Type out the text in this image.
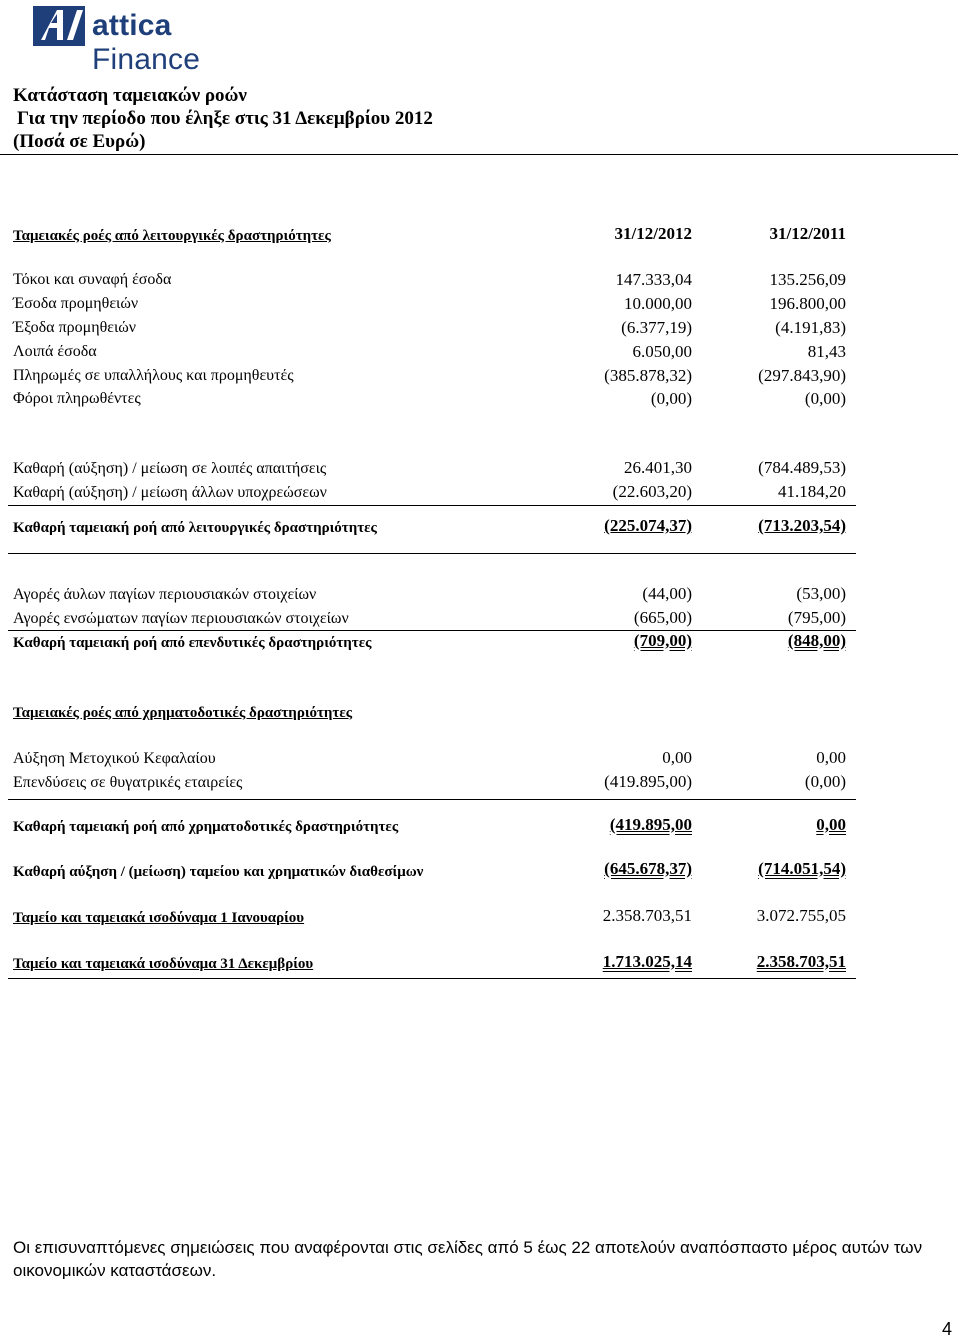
attica Finance
Κατάσταση ταμειακών ροών
Για την περίοδο που έληξε στις 31 Δεκεμβρίου 2012
(Ποσά σε Ευρώ)
Ταμειακές ροές από λειτουργικές δραστηριότητες	31/12/2012	31/12/2011
Τόκοι και συναφή έσοδα	147.333,04	135.256,09
Έσοδα προμηθειών	10.000,00	196.800,00
Έξοδα προμηθειών	(6.377,19)	(4.191,83)
Λοιπά έσοδα	6.050,00	81,43
Πληρωμές σε υπαλλήλους και προμηθευτές	(385.878,32)	(297.843,90)
Φόροι πληρωθέντες	(0,00)	(0,00)
Καθαρή (αύξηση) / μείωση σε λοιπές απαιτήσεις	26.401,30	(784.489,53)
Καθαρή (αύξηση) / μείωση άλλων υποχρεώσεων	(22.603,20)	41.184,20
Καθαρή ταμειακή ροή από λειτουργικές δραστηριότητες	(225.074,37)	(713.203,54)
Αγορές άυλων παγίων περιουσιακών στοιχείων	(44,00)	(53,00)
Αγορές ενσώματων παγίων περιουσιακών στοιχείων	(665,00)	(795,00)
Καθαρή ταμειακή ροή από επενδυτικές δραστηριότητες	(709,00)	(848,00)
Ταμειακές ροές από χρηματοδοτικές δραστηριότητες
Αύξηση Μετοχικού Κεφαλαίου	0,00	0,00
Επενδύσεις σε θυγατρικές εταιρείες	(419.895,00)	(0,00)
Καθαρή ταμειακή ροή από χρηματοδοτικές δραστηριότητες	(419.895,00	0,00
Καθαρή αύξηση / (μείωση) ταμείου και χρηματικών διαθεσίμων	(645.678,37)	(714.051,54)
Ταμείο και ταμειακά ισοδύναμα 1 Ιανουαρίου	2.358.703,51	3.072.755,05
Ταμείο και ταμειακά ισοδύναμα 31 Δεκεμβρίου	1.713.025,14	2.358.703,51
Οι επισυναπτόμενες σημειώσεις που αναφέρονται στις σελίδες από 5 έως 22 αποτελούν αναπόσπαστο μέρος αυτών των οικονομικών καταστάσεων.
4
